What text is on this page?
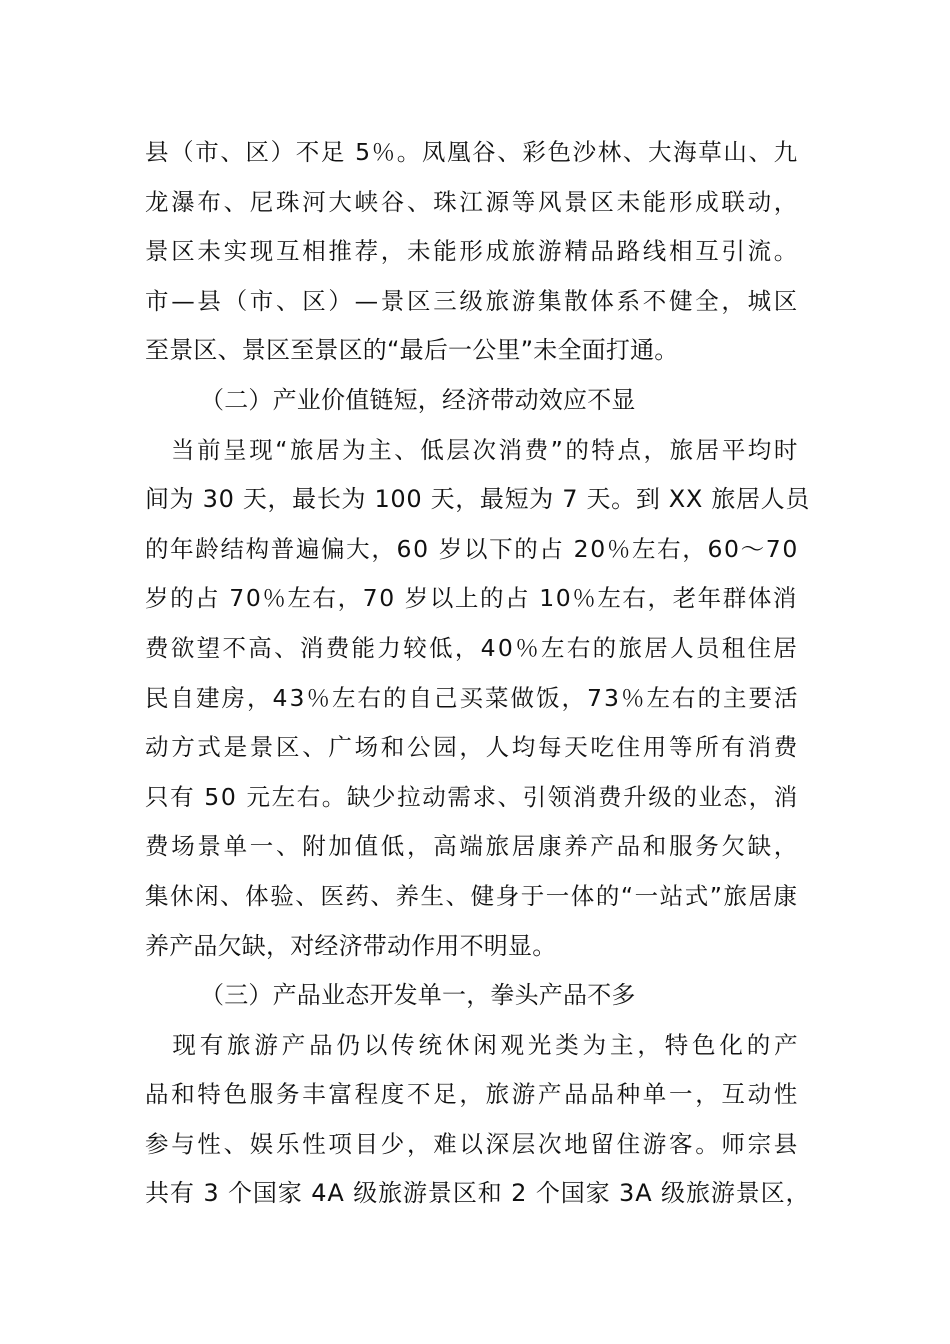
县（市、区）不足 5％。凤凰谷、彩色沙林、大海草山、九
龙瀑布、尼珠河大峡谷、珠江源等风景区未能形成联动，
景区未实现互相推荐，未能形成旅游精品路线相互引流。
市—县（市、区）—景区三级旅游集散体系不健全，城区
至景区、景区至景区的“最后一公里”未全面打通。
（二）产业价值链短，经济带动效应不显
　当前呈现“旅居为主、低层次消费”的特点，旅居平均时
间为 30 天，最长为 100 天，最短为 7 天。到 XX 旅居人员
的年龄结构普遍偏大，60 岁以下的占 20％左右，60～70
岁的占 70％左右，70 岁以上的占 10％左右，老年群体消
费欲望不高、消费能力较低，40％左右的旅居人员租住居
民自建房，43％左右的自己买菜做饭，73％左右的主要活
动方式是景区、广场和公园，人均每天吃住用等所有消费
只有 50 元左右。缺少拉动需求、引领消费升级的业态，消
费场景单一、附加值低，高端旅居康养产品和服务欠缺，
集休闲、体验、医药、养生、健身于一体的“一站式”旅居康
养产品欠缺，对经济带动作用不明显。
（三）产品业态开发单一，拳头产品不多
　现有旅游产品仍以传统休闲观光类为主，特色化的产
品和特色服务丰富程度不足，旅游产品品种单一，互动性
参与性、娱乐性项目少，难以深层次地留住游客。师宗县
共有 3 个国家 4A 级旅游景区和 2 个国家 3A 级旅游景区，
